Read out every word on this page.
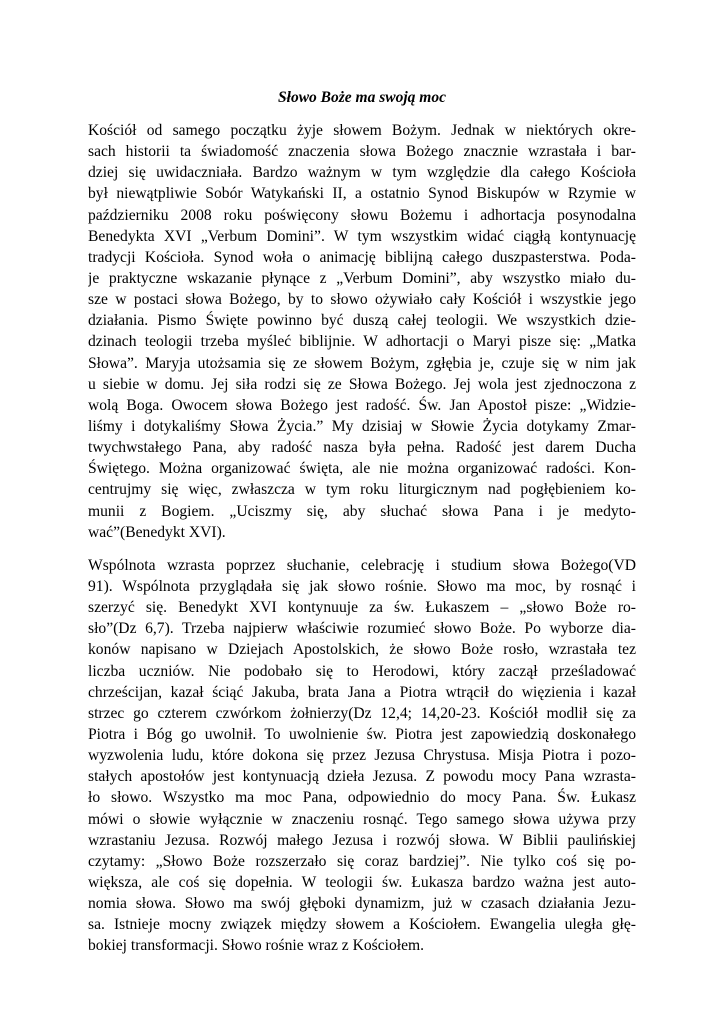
Słowo Boże ma swoją moc

Kościół od samego początku żyje słowem Bożym. Jednak w niektórych okre-
sach historii ta świadomość znaczenia słowa Bożego znacznie wzrastała i bar-
dziej się uwidaczniała. Bardzo ważnym w tym względzie dla całego Kościoła
był niewątpliwie Sobór Watykański II, a ostatnio Synod Biskupów w Rzymie w
październiku 2008 roku poświęcony słowu Bożemu i adhortacja posynodalna
Benedykta XVI „Verbum Domini”. W tym wszystkim widać ciągłą kontynuację
tradycji Kościoła. Synod woła o animację biblijną całego duszpasterstwa. Poda-
je praktyczne wskazanie płynące z „Verbum Domini”, aby wszystko miało du-
sze w postaci słowa Bożego, by to słowo ożywiało cały Kościół i wszystkie jego
działania. Pismo Święte powinno być duszą całej teologii. We wszystkich dzie-
dzinach teologii trzeba myśleć biblijnie. W adhortacji o Maryi pisze się: „Matka
Słowa”. Maryja utożsamia się ze słowem Bożym, zgłębia je, czuje się w nim jak
u siebie w domu. Jej siła rodzi się ze Słowa Bożego. Jej wola jest zjednoczona z
wolą Boga. Owocem słowa Bożego jest radość. Św. Jan Apostoł pisze: „Widzie-
liśmy i dotykaliśmy Słowa Życia.” My dzisiaj w Słowie Życia dotykamy Zmar-
twychwstałego Pana, aby radość nasza była pełna. Radość jest darem Ducha
Świętego. Można organizować święta, ale nie można organizować radości. Kon-
centrujmy się więc, zwłaszcza w tym roku liturgicznym nad pogłębieniem ko-
munii z Bogiem. „Uciszmy się, aby słuchać słowa Pana i je medyto-
wać”(Benedykt XVI).

Wspólnota wzrasta poprzez słuchanie, celebrację i studium słowa Bożego(VD
91). Wspólnota przyglądała się jak słowo rośnie. Słowo ma moc, by rosnąć i
szerzyć się. Benedykt XVI kontynuuje za św. Łukaszem – „słowo Boże ro-
sło”(Dz 6,7). Trzeba najpierw właściwie rozumieć słowo Boże. Po wyborze dia-
konów napisano w Dziejach Apostolskich, że słowo Boże rosło, wzrastała tez
liczba uczniów. Nie podobało się to Herodowi, który zaczął prześladować
chrześcijan, kazał ściąć Jakuba, brata Jana a Piotra wtrącił do więzienia i kazał
strzec go czterem czwórkom żołnierzy(Dz 12,4; 14,20-23. Kościół modlił się za
Piotra i Bóg go uwolnił. To uwolnienie św. Piotra jest zapowiedzią doskonałego
wyzwolenia ludu, które dokona się przez Jezusa Chrystusa. Misja Piotra i pozo-
stałych apostołów jest kontynuacją dzieła Jezusa. Z powodu mocy Pana wzrasta-
ło słowo. Wszystko ma moc Pana, odpowiednio do mocy Pana. Św. Łukasz
mówi o słowie wyłącznie w znaczeniu rosnąć. Tego samego słowa używa przy
wzrastaniu Jezusa. Rozwój małego Jezusa i rozwój słowa. W Biblii paulińskiej
czytamy: „Słowo Boże rozszerzało się coraz bardziej”. Nie tylko coś się po-
większa, ale coś się dopełnia. W teologii św. Łukasza bardzo ważna jest auto-
nomia słowa. Słowo ma swój głęboki dynamizm, już w czasach działania Jezu-
sa. Istnieje mocny związek między słowem a Kościołem. Ewangelia uległa głę-
bokiej transformacji. Słowo rośnie wraz z Kościołem.
